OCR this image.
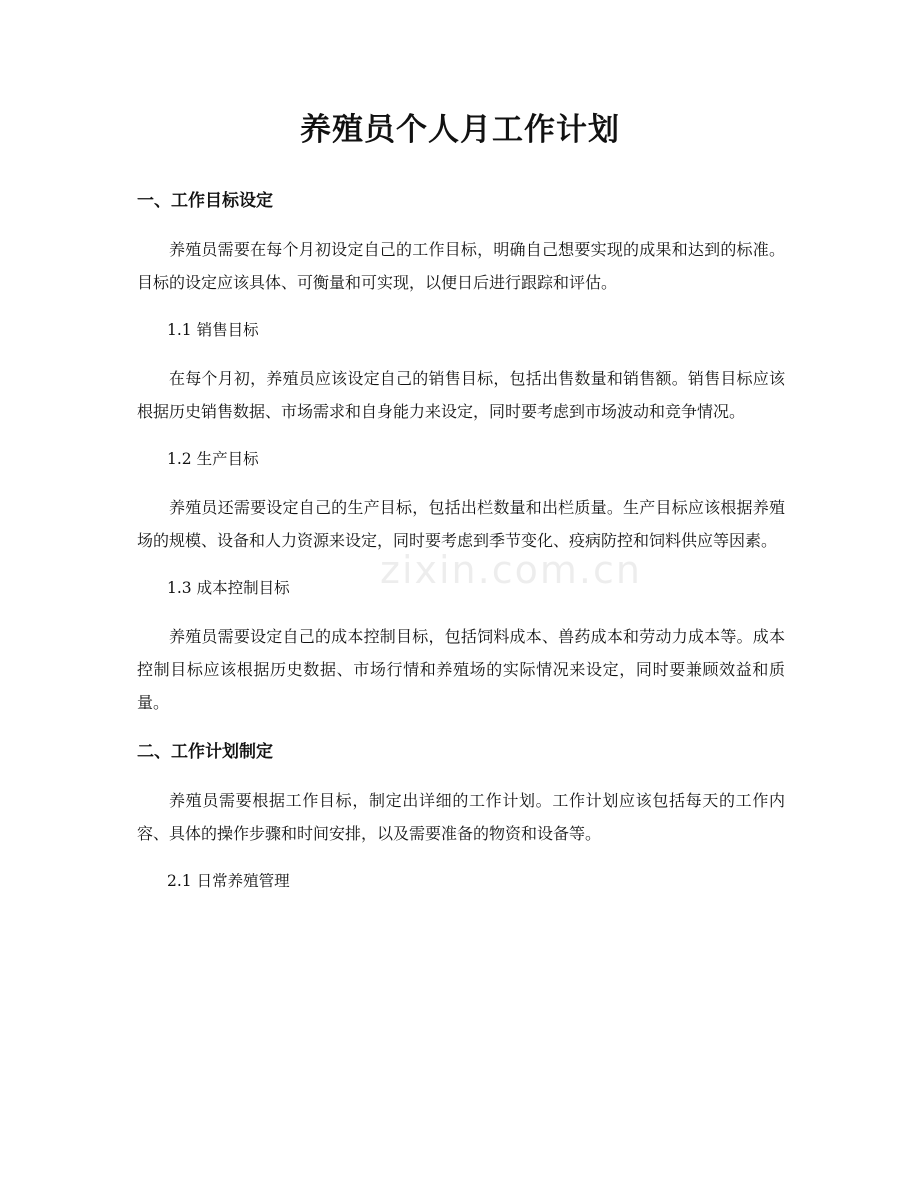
养殖员个人月工作计划
zixin.com.cn
一、工作目标设定

养殖员需要在每个月初设定自己的工作目标，明确自己想要实现的成果和达到的标准。目标的设定应该具体、可衡量和可实现，以便日后进行跟踪和评估。

1.1 销售目标

在每个月初，养殖员应该设定自己的销售目标，包括出售数量和销售额。销售目标应该根据历史销售数据、市场需求和自身能力来设定，同时要考虑到市场波动和竞争情况。

1.2 生产目标

养殖员还需要设定自己的生产目标，包括出栏数量和出栏质量。生产目标应该根据养殖场的规模、设备和人力资源来设定，同时要考虑到季节变化、疫病防控和饲料供应等因素。

1.3 成本控制目标

养殖员需要设定自己的成本控制目标，包括饲料成本、兽药成本和劳动力成本等。成本控制目标应该根据历史数据、市场行情和养殖场的实际情况来设定，同时要兼顾效益和质量。

二、工作计划制定

养殖员需要根据工作目标，制定出详细的工作计划。工作计划应该包括每天的工作内容、具体的操作步骤和时间安排，以及需要准备的物资和设备等。

2.1 日常养殖管理
